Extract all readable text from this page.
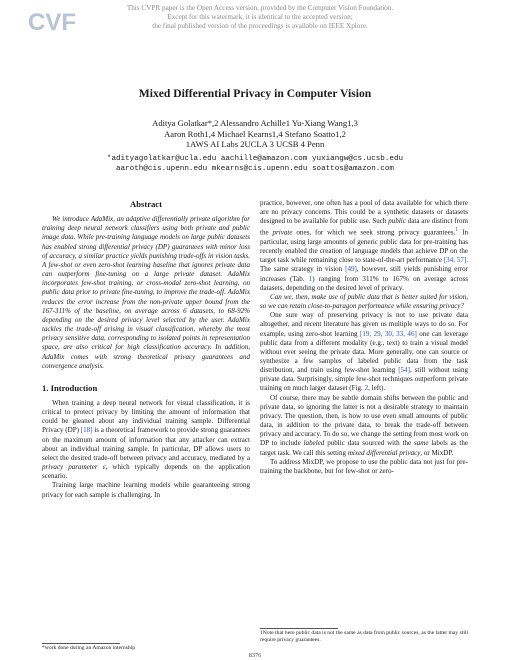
CVF
This CVPR paper is the Open Access version, provided by the Computer Vision Foundation.
Except for this watermark, it is identical to the accepted version;
the final published version of the proceedings is available on IEEE Xplore.
Mixed Differential Privacy in Computer Vision
Aditya Golatkar*,2 Alessandro Achille1 Yu-Xiang Wang1,3
Aaron Roth1,4 Michael Kearns1,4 Stefano Soatto1,2
1AWS AI Labs 2UCLA 3 UCSB 4 Penn
*adityagolatkar@ucla.edu aachille@amazon.com yuxiangw@cs.ucsb.edu
aaroth@cis.upenn.edu mkearns@cis.upenn.edu soattos@amazon.com

Abstract

We introduce AdaMix, an adaptive differentially private algorithm for training deep neural network classifiers using both private and public image data. While pre-training language models on large public datasets has enabled strong differential privacy (DP) guarantees with minor loss of accuracy, a similar practice yields punishing trade-offs in vision tasks. A few-shot or even zero-shot learning baseline that ignores private data can outperform fine-tuning on a large private dataset. AdaMix incorporates few-shot training, or cross-modal zero-shot learning, on public data prior to private fine-tuning, to improve the trade-off. AdaMix reduces the error increase from the non-private upper bound from the 167-311% of the baseline, on average across 6 datasets, to 68-92% depending on the desired privacy level selected by the user. AdaMix tackles the trade-off arising in visual classification, whereby the most privacy sensitive data, corresponding to isolated points in representation space, are also critical for high classification accuracy. In addition, AdaMix comes with strong theoretical privacy guarantees and convergence analysis.

1. Introduction

When training a deep neural network for visual classification, it is critical to protect privacy by limiting the amount of information that could be gleaned about any individual training sample. Differential Privacy (DP) [18] is a theoretical framework to provide strong guarantees on the maximum amount of information that any attacker can extract about an individual training sample. In particular, DP allows users to select the desired trade-off between privacy and accuracy, mediated by a privacy parameter ε, which typically depends on the application scenario.

Training large machine learning models while guaranteeing strong privacy for each sample is challenging. In

*work done during an Amazon internship

practice, however, one often has a pool of data available for which there are no privacy concerns. This could be a synthetic datasets or datasets designed to be available for public use. Such public data are distinct from the private ones, for which we seek strong privacy guarantees.$^1$ In particular, using large amounts of generic public data for pre-training has recently enabled the creation of language models that achieve DP on the target task while remaining close to state-of-the-art performance [34, 57]. The same strategy in vision [49], however, still yields punishing error increases (Tab. 1) ranging from 311% to 167% on average across datasets, depending on the desired level of privacy.

Can we, then, make use of public data that is better suited for vision, so we can retain close-to-paragon performance while ensuring privacy?

One sure way of preserving privacy is not to use private data altogether, and recent literature has given us multiple ways to do so. For example, using zero-shot learning [19, 29, 30, 33, 46] one can leverage public data from a different modality (e.g., text) to train a visual model without ever seeing the private data. More generally, one can source or synthesize a few samples of labeled public data from the task distribution, and train using few-shot learning [54], still without using private data. Surprisingly, simple few-shot techniques outperform private training on much larger dataset (Fig. 2, left).

Of course, there may be subtle domain shifts between the public and private data, so ignoring the latter is not a desirable strategy to maintain privacy. The question, then, is how to use even small amounts of public data, in addition to the private data, to break the trade-off between privacy and accuracy. To do so, we change the setting from most work on DP to include labeled public data sourced with the same labels as the target task. We call this setting mixed differential privacy, or MixDP.

To address MixDP, we propose to use the public data not just for pre-training the backbone, but for few-shot or zero-

1Note that here public data is not the same as data from public sources, as the latter may still require privacy guarantees.
8376
